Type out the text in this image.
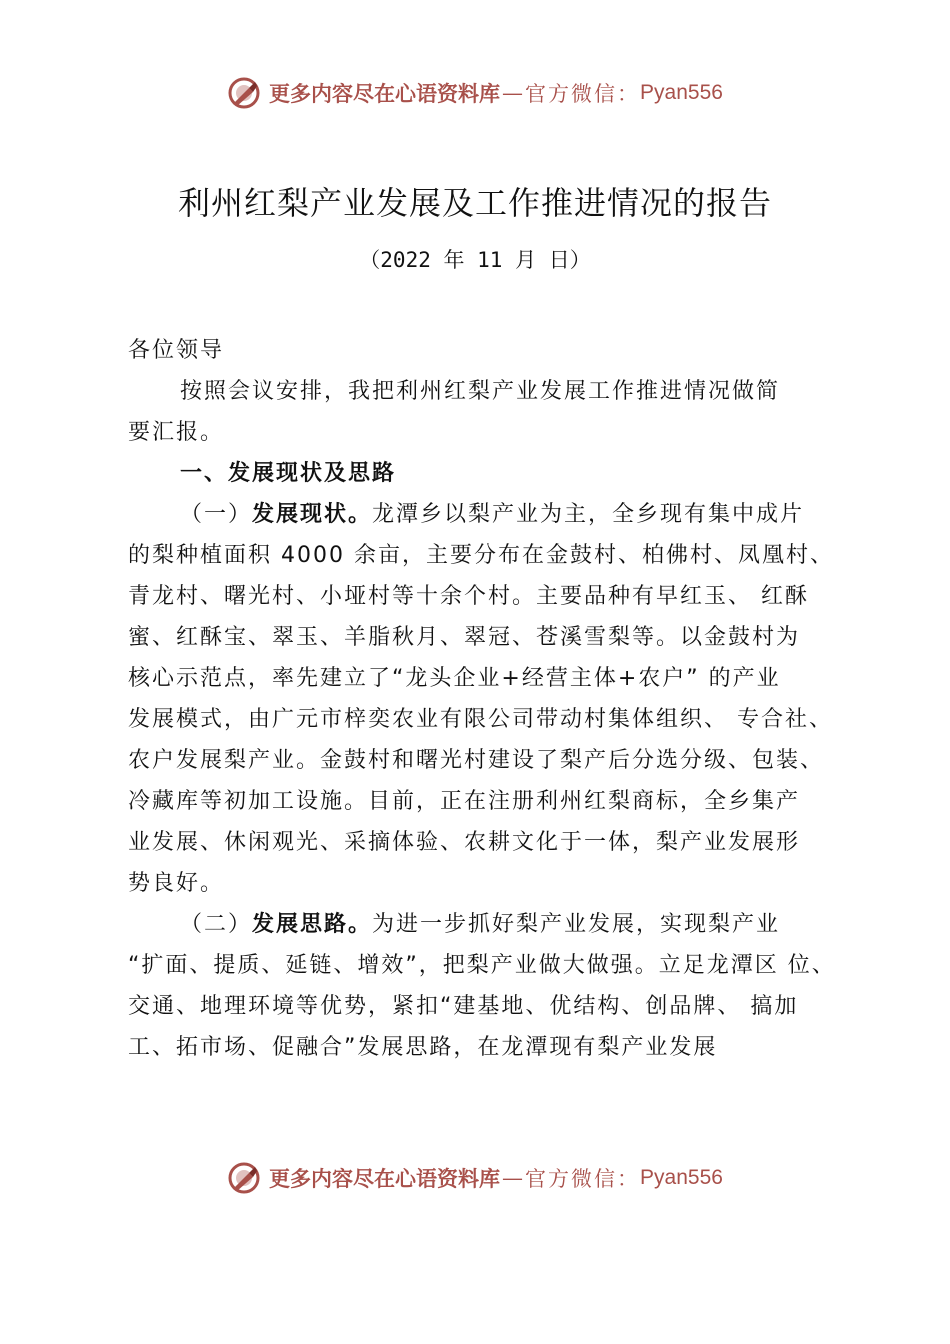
更多内容尽在心语资料库 — 官方微信： Pyan556
利州红梨产业发展及工作推进情况的报告
（2022 年 11 月 日）
各位领导
按照会议安排，我把利州红梨产业发展工作推进情况做简
要汇报。
一、发展现状及思路
（一）发展现状。龙潭乡以梨产业为主，全乡现有集中成片
的梨种植面积 4000 余亩，主要分布在金鼓村、柏佛村、凤凰村、
青龙村、曙光村、小垭村等十余个村。主要品种有早红玉、 红酥
蜜、红酥宝、翠玉、羊脂秋月、翠冠、苍溪雪梨等。以金鼓村为
核心示范点，率先建立了“龙头企业+经营主体+农户” 的产业
发展模式，由广元市梓奕农业有限公司带动村集体组织、 专合社、
农户发展梨产业。金鼓村和曙光村建设了梨产后分选分级、包装、
冷藏库等初加工设施。目前，正在注册利州红梨商标，全乡集产
业发展、休闲观光、采摘体验、农耕文化于一体，梨产业发展形
势良好。
（二）发展思路。为进一步抓好梨产业发展，实现梨产业
“扩面、提质、延链、增效”，把梨产业做大做强。立足龙潭区 位、
交通、地理环境等优势，紧扣“建基地、优结构、创品牌、 搞加
工、拓市场、促融合”发展思路，在龙潭现有梨产业发展
更多内容尽在心语资料库 — 官方微信： Pyan556
